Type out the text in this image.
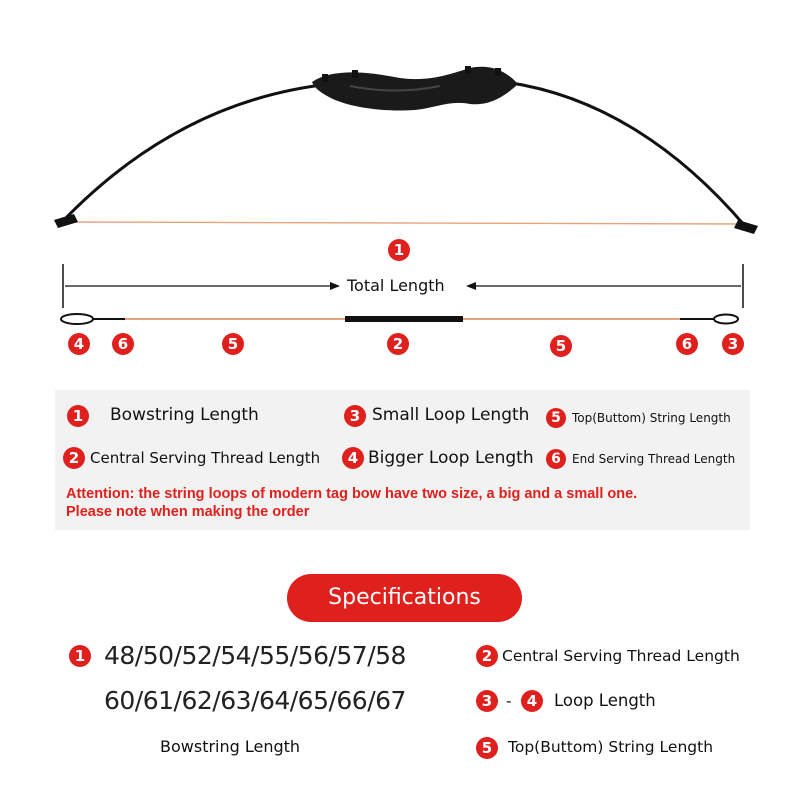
1
Total Length
4	6	5	2	5	6	3
1	Bowstring Length	3 Small Loop Length	5 Top(Buttom) String Length
2 Central Serving Thread Length	4 Bigger Loop Length	6 End Serving Thread Length
Attention: the string loops of modern tag bow have two size, a big and a small one.
Please note when making the order
Specifications
1 48/50/52/54/55/56/57/58
60/61/62/63/64/65/66/67
Bowstring Length
2 Central Serving Thread Length
3 -	4	Loop Length
5	Top(Buttom) String Length
